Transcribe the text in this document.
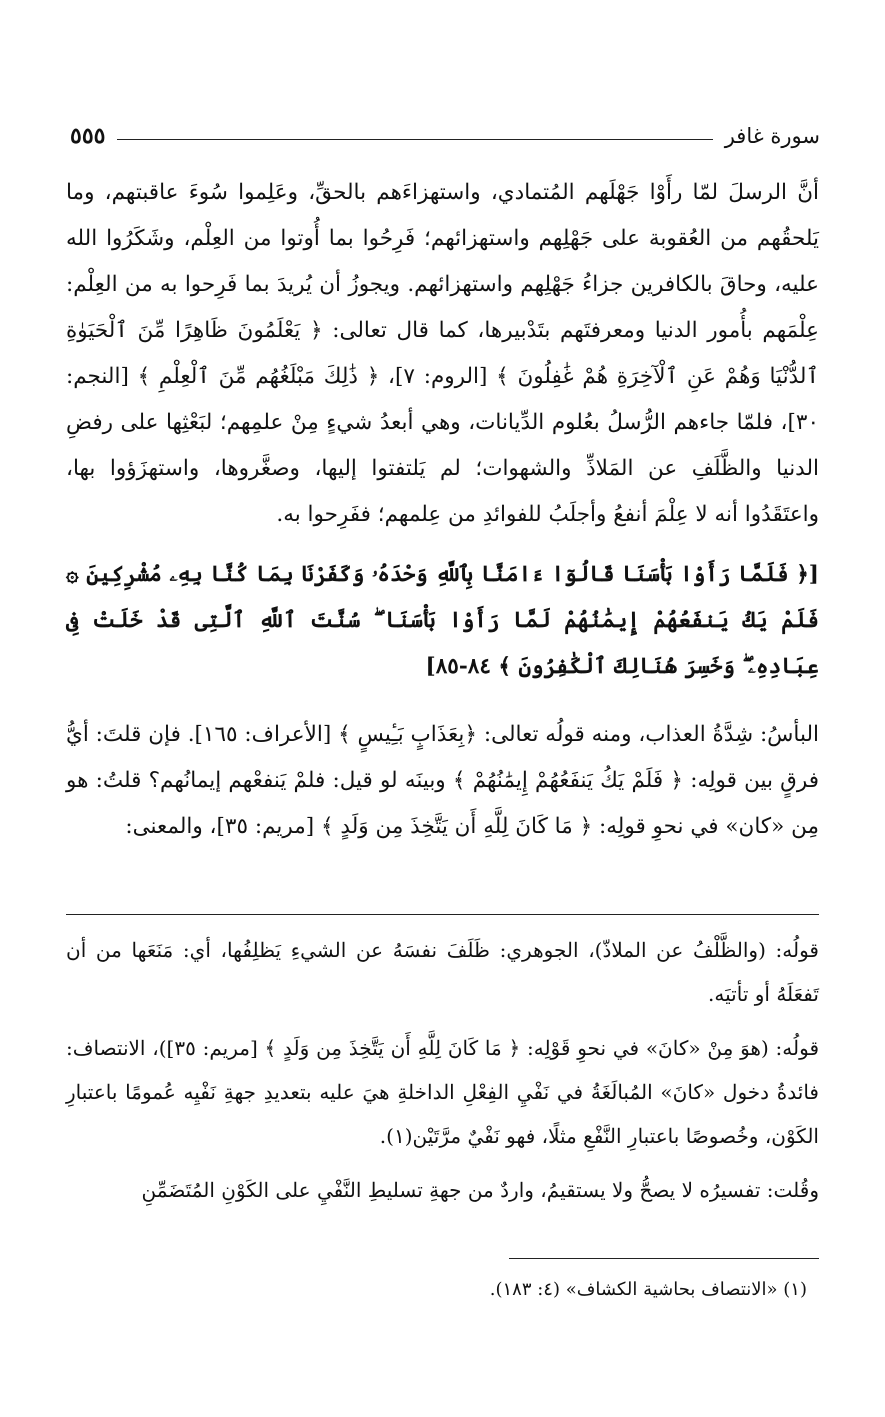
سورة غافر
٥٥٥

أنَّ الرسلَ لمّا رأَوْا جَهْلَهم المُتمادي، واستهزاءَهم بالحقِّ، وعَلِموا سُوءَ عاقبتهم، وما يَلحقُهم من العُقوبة على جَهْلِهم واستهزائهم؛ فَرِحُوا بما أُوتوا من العِلْم، وشَكَرُوا الله عليه، وحاقَ بالكافرين جزاءُ جَهْلِهم واستهزائهم. ويجوزُ أن يُريدَ بما فَرِحوا به من العِلْم: عِلْمَهم بأُمور الدنيا ومعرفتَهم بتَدْبيرها، كما قال تعالى: ﴿ يَعْلَمُونَ ظَاهِرًا مِّنَ ٱلْحَيَوٰةِ ٱلدُّنْيَا وَهُمْ عَنِ ٱلْآخِرَةِ هُمْ غَٰفِلُونَ ﴾ [الروم: ٧]، ﴿ ذَٰلِكَ مَبْلَغُهُم مِّنَ ٱلْعِلْمِ ﴾ [النجم: ٣٠]، فلمّا جاءهم الرُّسلُ بعُلوم الدِّيانات، وهي أبعدُ شيءٍ مِنْ علمِهم؛ لبَعْثِها على رفضِ الدنيا والظَّلَفِ عن المَلاذِّ والشهوات؛ لم يَلتفتوا إليها، وصغَّروها، واستهزَؤوا بها، واعتَقَدُوا أنه لا عِلْمَ أنفعُ وأجلَبُ للفوائدِ من عِلمهم؛ ففَرِحوا به.

[﴿ فَلَمَّا رَأَوْا بَأْسَنَا قَالُوٓا ءَامَنَّا بِٱللَّهِ وَحْدَهُۥ وَكَفَرْنَا بِمَا كُنَّا بِهِۦ مُشْرِكِينَ ۞ فَلَمْ يَكُ يَنفَعُهُمْ إِيمَٰنُهُمْ لَمَّا رَأَوْا بَأْسَنَا ۖ سُنَّتَ ٱللَّهِ ٱلَّتِى قَدْ خَلَتْ فِى عِبَادِهِۦ ۖ وَخَسِرَ هُنَالِكَ ٱلْكَٰفِرُونَ ﴾ ٨٤-٨٥]

البأسُ: شِدَّةُ العذاب، ومنه قولُه تعالى: ﴿بِعَذَابٍ بَـِٔيسٍ ﴾ [الأعراف: ١٦٥]. فإن قلتَ: أيُّ فرقٍ بين قولِه: ﴿ فَلَمْ يَكُ يَنفَعُهُمْ إِيمَٰنُهُمْ ﴾ وبينَه لو قيل: فلمْ يَنفعْهم إيمانُهم؟ قلتُ: هو مِن «كان» في نحوِ قولِه: ﴿ مَا كَانَ لِلَّهِ أَن يَتَّخِذَ مِن وَلَدٍ ﴾ [مريم: ٣٥]، والمعنى:

قولُه: (والظَّلْفُ عن الملاذّ)، الجوهري: ظَلَفَ نفسَهُ عن الشيءِ يَظلِفُها، أي: مَنَعَها من أن تَفعَلَهُ أو تأتيَه.

قولُه: (هوَ مِنْ «كانَ» في نحوِ قَوْلِه: ﴿ مَا كَانَ لِلَّهِ أَن يَتَّخِذَ مِن وَلَدٍ ﴾ [مريم: ٣٥])، الانتصاف: فائدةُ دخول «كانَ» المُبالَغَةُ في نَفْيِ الفِعْلِ الداخلةِ هيَ عليه بتعديدِ جهةِ نَفْيِه عُمومًا باعتبارِ الكَوْن، وخُصوصًا باعتبارِ النَّفْعِ مثلًا، فهو نَفْيٌ مرَّتَيْن(١).

وقُلت: تفسيرُه لا يصحُّ ولا يستقيمُ، واردٌ من جهةِ تسليطِ النَّفْيِ على الكَوْنِ المُتَضَمِّنِ

(١) «الانتصاف بحاشية الكشاف» (٤: ١٨٣).
